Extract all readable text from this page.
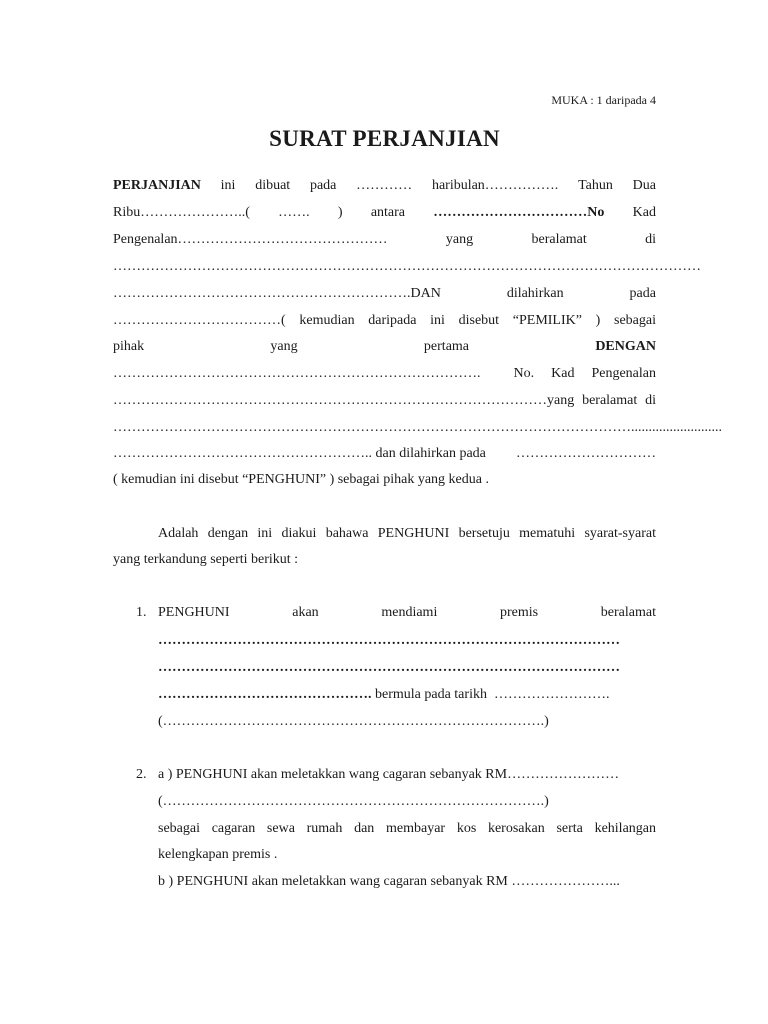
MUKA : 1 daripada 4
SURAT PERJANJIAN
PERJANJIAN ini dibuat pada ………… haribulan……………. Tahun Dua
Ribu…………………..( ……. ) antara ……………………………No Kad
Pengenalan………………………………………	yang	beralamat	di
………………………………………………………………………………………………………………
……………………………………………………….DAN	dilahirkan	pada
………………………………( kemudian daripada ini disebut “PEMILIK” ) sebagai
pihak	yang	pertama	DENGAN
……………………………………………………………………. No. Kad Pengenalan
…………………………………………………………………………………yang beralamat di
…………………………………………………………………………………………………..........................
……………………………………………….. dan dilahirkan pada …………………………
( kemudian ini disebut “PENGHUNI” ) sebagai pihak yang kedua .
Adalah dengan ini diakui bahawa PENGHUNI bersetuju mematuhi syarat-syarat
yang terkandung seperti berikut :
1. PENGHUNI	akan	mendiami	premis	beralamat
………………………………………………………………………………………
………………………………………………………………………………………
………………………………………. bermula pada tarikh  …………………….
(……………………………………………………………………….)
2. a ) PENGHUNI akan meletakkan wang cagaran sebanyak RM……………………
(……………………………………………………………………….)
sebagai cagaran sewa rumah dan membayar kos kerosakan serta kehilangan
kelengkapan premis .
b ) PENGHUNI akan meletakkan wang cagaran sebanyak RM …………………...
